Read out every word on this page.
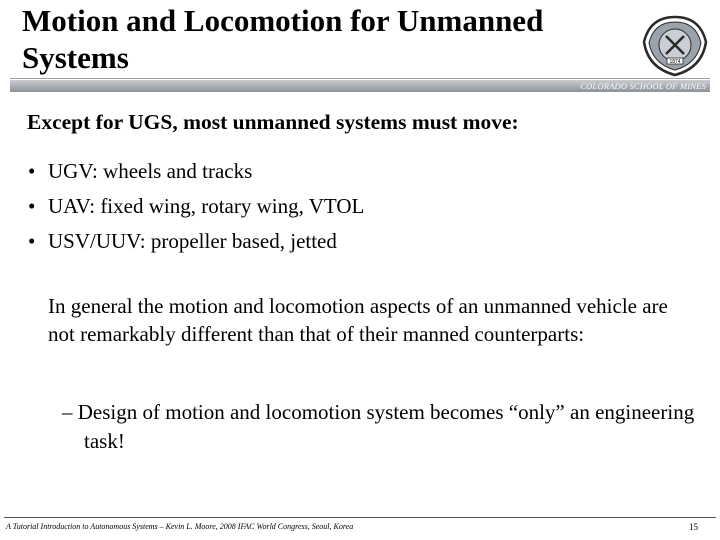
Motion and Locomotion for Unmanned Systems	1874
COLORADO SCHOOL OF MINES
Except for UGS, most unmanned systems must move:
• UGV: wheels and tracks
• UAV: fixed wing, rotary wing, VTOL
• USV/UUV: propeller based, jetted
In general the motion and locomotion aspects of an unmanned vehicle are not remarkably different than that of their manned counterparts:
– Design of motion and locomotion system becomes “only” an engineering task!
A Tutorial Introduction to Autonomous Systems – Kevin L. Moore, 2008 IFAC World Congress, Seoul, Korea	15
